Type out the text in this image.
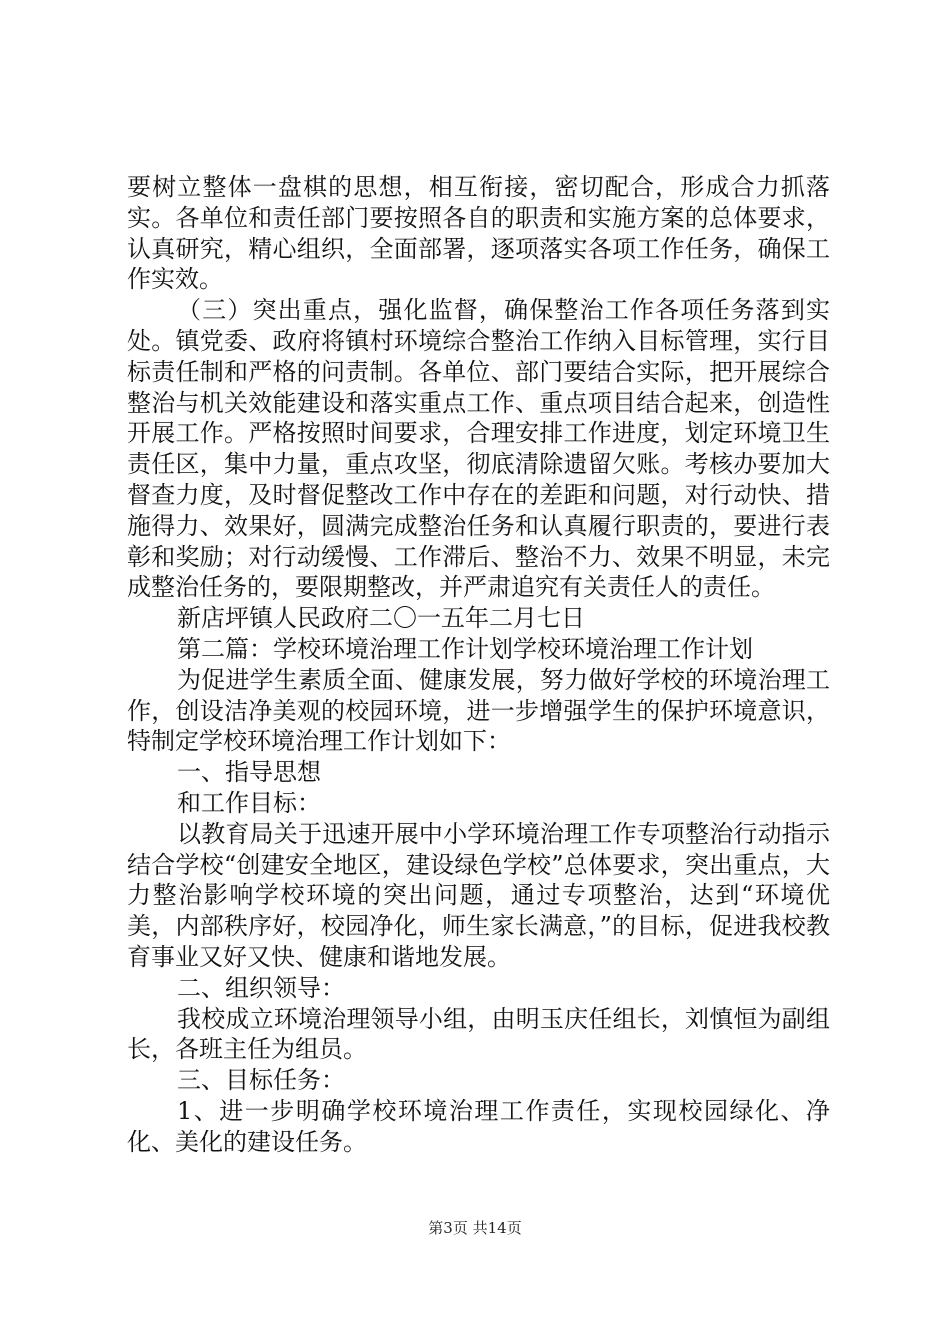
要树立整体一盘棋的思想，相互衔接，密切配合，形成合力抓落实。各单位和责任部门要按照各自的职责和实施方案的总体要求，认真研究，精心组织，全面部署，逐项落实各项工作任务，确保工作实效。

（三）突出重点，强化监督，确保整治工作各项任务落到实处。镇党委、政府将镇村环境综合整治工作纳入目标管理，实行目标责任制和严格的问责制。各单位、部门要结合实际，把开展综合整治与机关效能建设和落实重点工作、重点项目结合起来，创造性开展工作。严格按照时间要求，合理安排工作进度，划定环境卫生责任区，集中力量，重点攻坚，彻底清除遗留欠账。考核办要加大督查力度，及时督促整改工作中存在的差距和问题，对行动快、措施得力、效果好，圆满完成整治任务和认真履行职责的，要进行表彰和奖励；对行动缓慢、工作滞后、整治不力、效果不明显，未完成整治任务的，要限期整改，并严肃追究有关责任人的责任。

新店坪镇人民政府二〇一五年二月七日

第二篇：学校环境治理工作计划学校环境治理工作计划

为促进学生素质全面、健康发展，努力做好学校的环境治理工作，创设洁净美观的校园环境，进一步增强学生的保护环境意识，特制定学校环境治理工作计划如下：

一、指导思想

和工作目标：

以教育局关于迅速开展中小学环境治理工作专项整治行动指示结合学校“创建安全地区，建设绿色学校”总体要求，突出重点，大力整治影响学校环境的突出问题，通过专项整治，达到“环境优美，内部秩序好，校园净化，师生家长满意，”的目标，促进我校教育事业又好又快、健康和谐地发展。

二、组织领导：

我校成立环境治理领导小组，由明玉庆任组长，刘慎恒为副组长，各班主任为组员。

三、目标任务：

1、进一步明确学校环境治理工作责任，实现校园绿化、净化、美化的建设任务。

第3页 共14页
